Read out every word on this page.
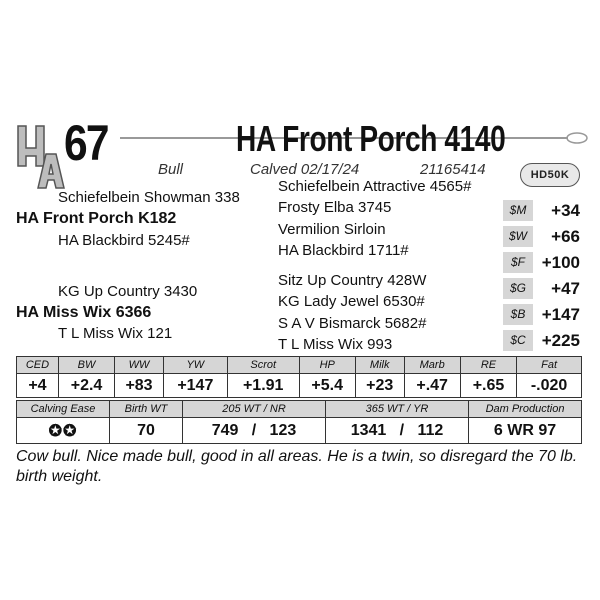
67	HA Front Porch 4140
Bull	Calved 02/17/24	21165414	HD50K
Schiefelbein Showman 338
HA Front Porch K182
HA Blackbird 5245#
KG Up Country 3430
HA Miss Wix 6366
T L Miss Wix 121
Schiefelbein Attractive 4565#
Frosty Elba 3745
Vermilion Sirloin
HA Blackbird 1711#
Sitz Up Country 428W
KG Lady Jewel 6530#
S A V Bismarck 5682#
T L Miss Wix 993
$M	+34
$W	+66
$F +100
$G	+47
$B +147
$C +225
CED	BW	WW	YW	Scrot	HP	Milk	Marb	RE	Fat
+4	+2.4	+83	+147	+1.91	+5.4	+23	+.47	+.65	-.020
Calving Ease	Birth WT	205 WT / NR	365 WT / YR	Dam Production
✪✪	70	749   /   123	1341   /   112	6 WR 97
Cow bull. Nice made bull, good in all areas. He is a twin, so disregard the 70 lb. birth weight.
